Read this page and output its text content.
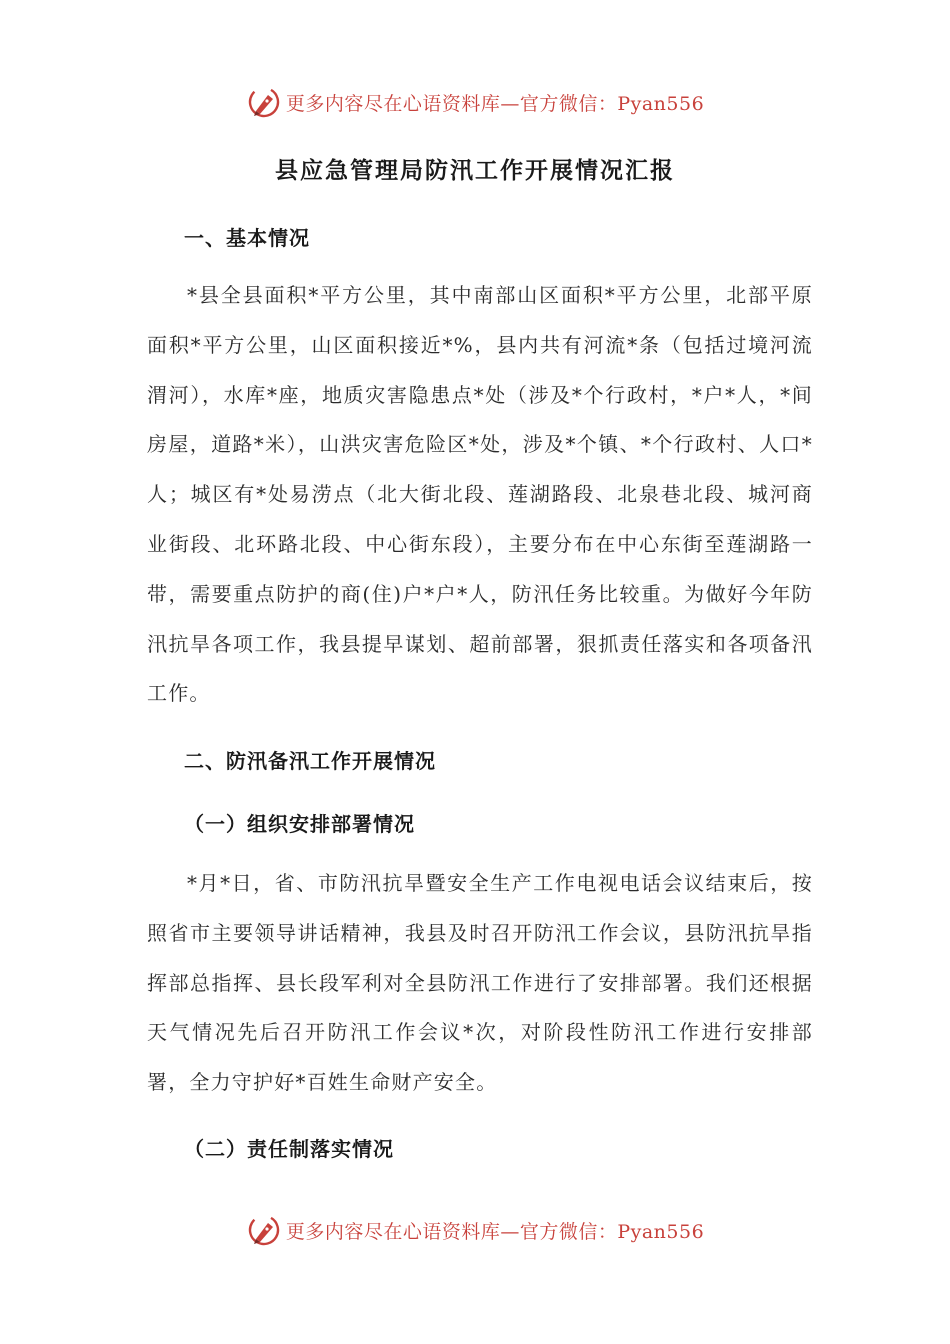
更多内容尽在心语资料库—官方微信：Pyan556
县应急管理局防汛工作开展情况汇报
一、基本情况

*县全县面积*平方公里，其中南部山区面积*平方公里，北部平原面积*平方公里，山区面积接近*%，县内共有河流*条（包括过境河流渭河），水库*座，地质灾害隐患点*处（涉及*个行政村，*户*人，*间房屋，道路*米），山洪灾害危险区*处，涉及*个镇、*个行政村、人口*人；城区有*处易涝点（北大街北段、莲湖路段、北泉巷北段、城河商业街段、北环路北段、中心街东段），主要分布在中心东街至莲湖路一带，需要重点防护的商(住)户*户*人，防汛任务比较重。为做好今年防汛抗旱各项工作，我县提早谋划、超前部署，狠抓责任落实和各项备汛工作。

二、防汛备汛工作开展情况
（一）组织安排部署情况

*月*日，省、市防汛抗旱暨安全生产工作电视电话会议结束后，按照省市主要领导讲话精神，我县及时召开防汛工作会议，县防汛抗旱指挥部总指挥、县长段军利对全县防汛工作进行了安排部署。我们还根据天气情况先后召开防汛工作会议*次，对阶段性防汛工作进行安排部署，全力守护好*百姓生命财产安全。

（二）责任制落实情况
更多内容尽在心语资料库—官方微信：Pyan556
